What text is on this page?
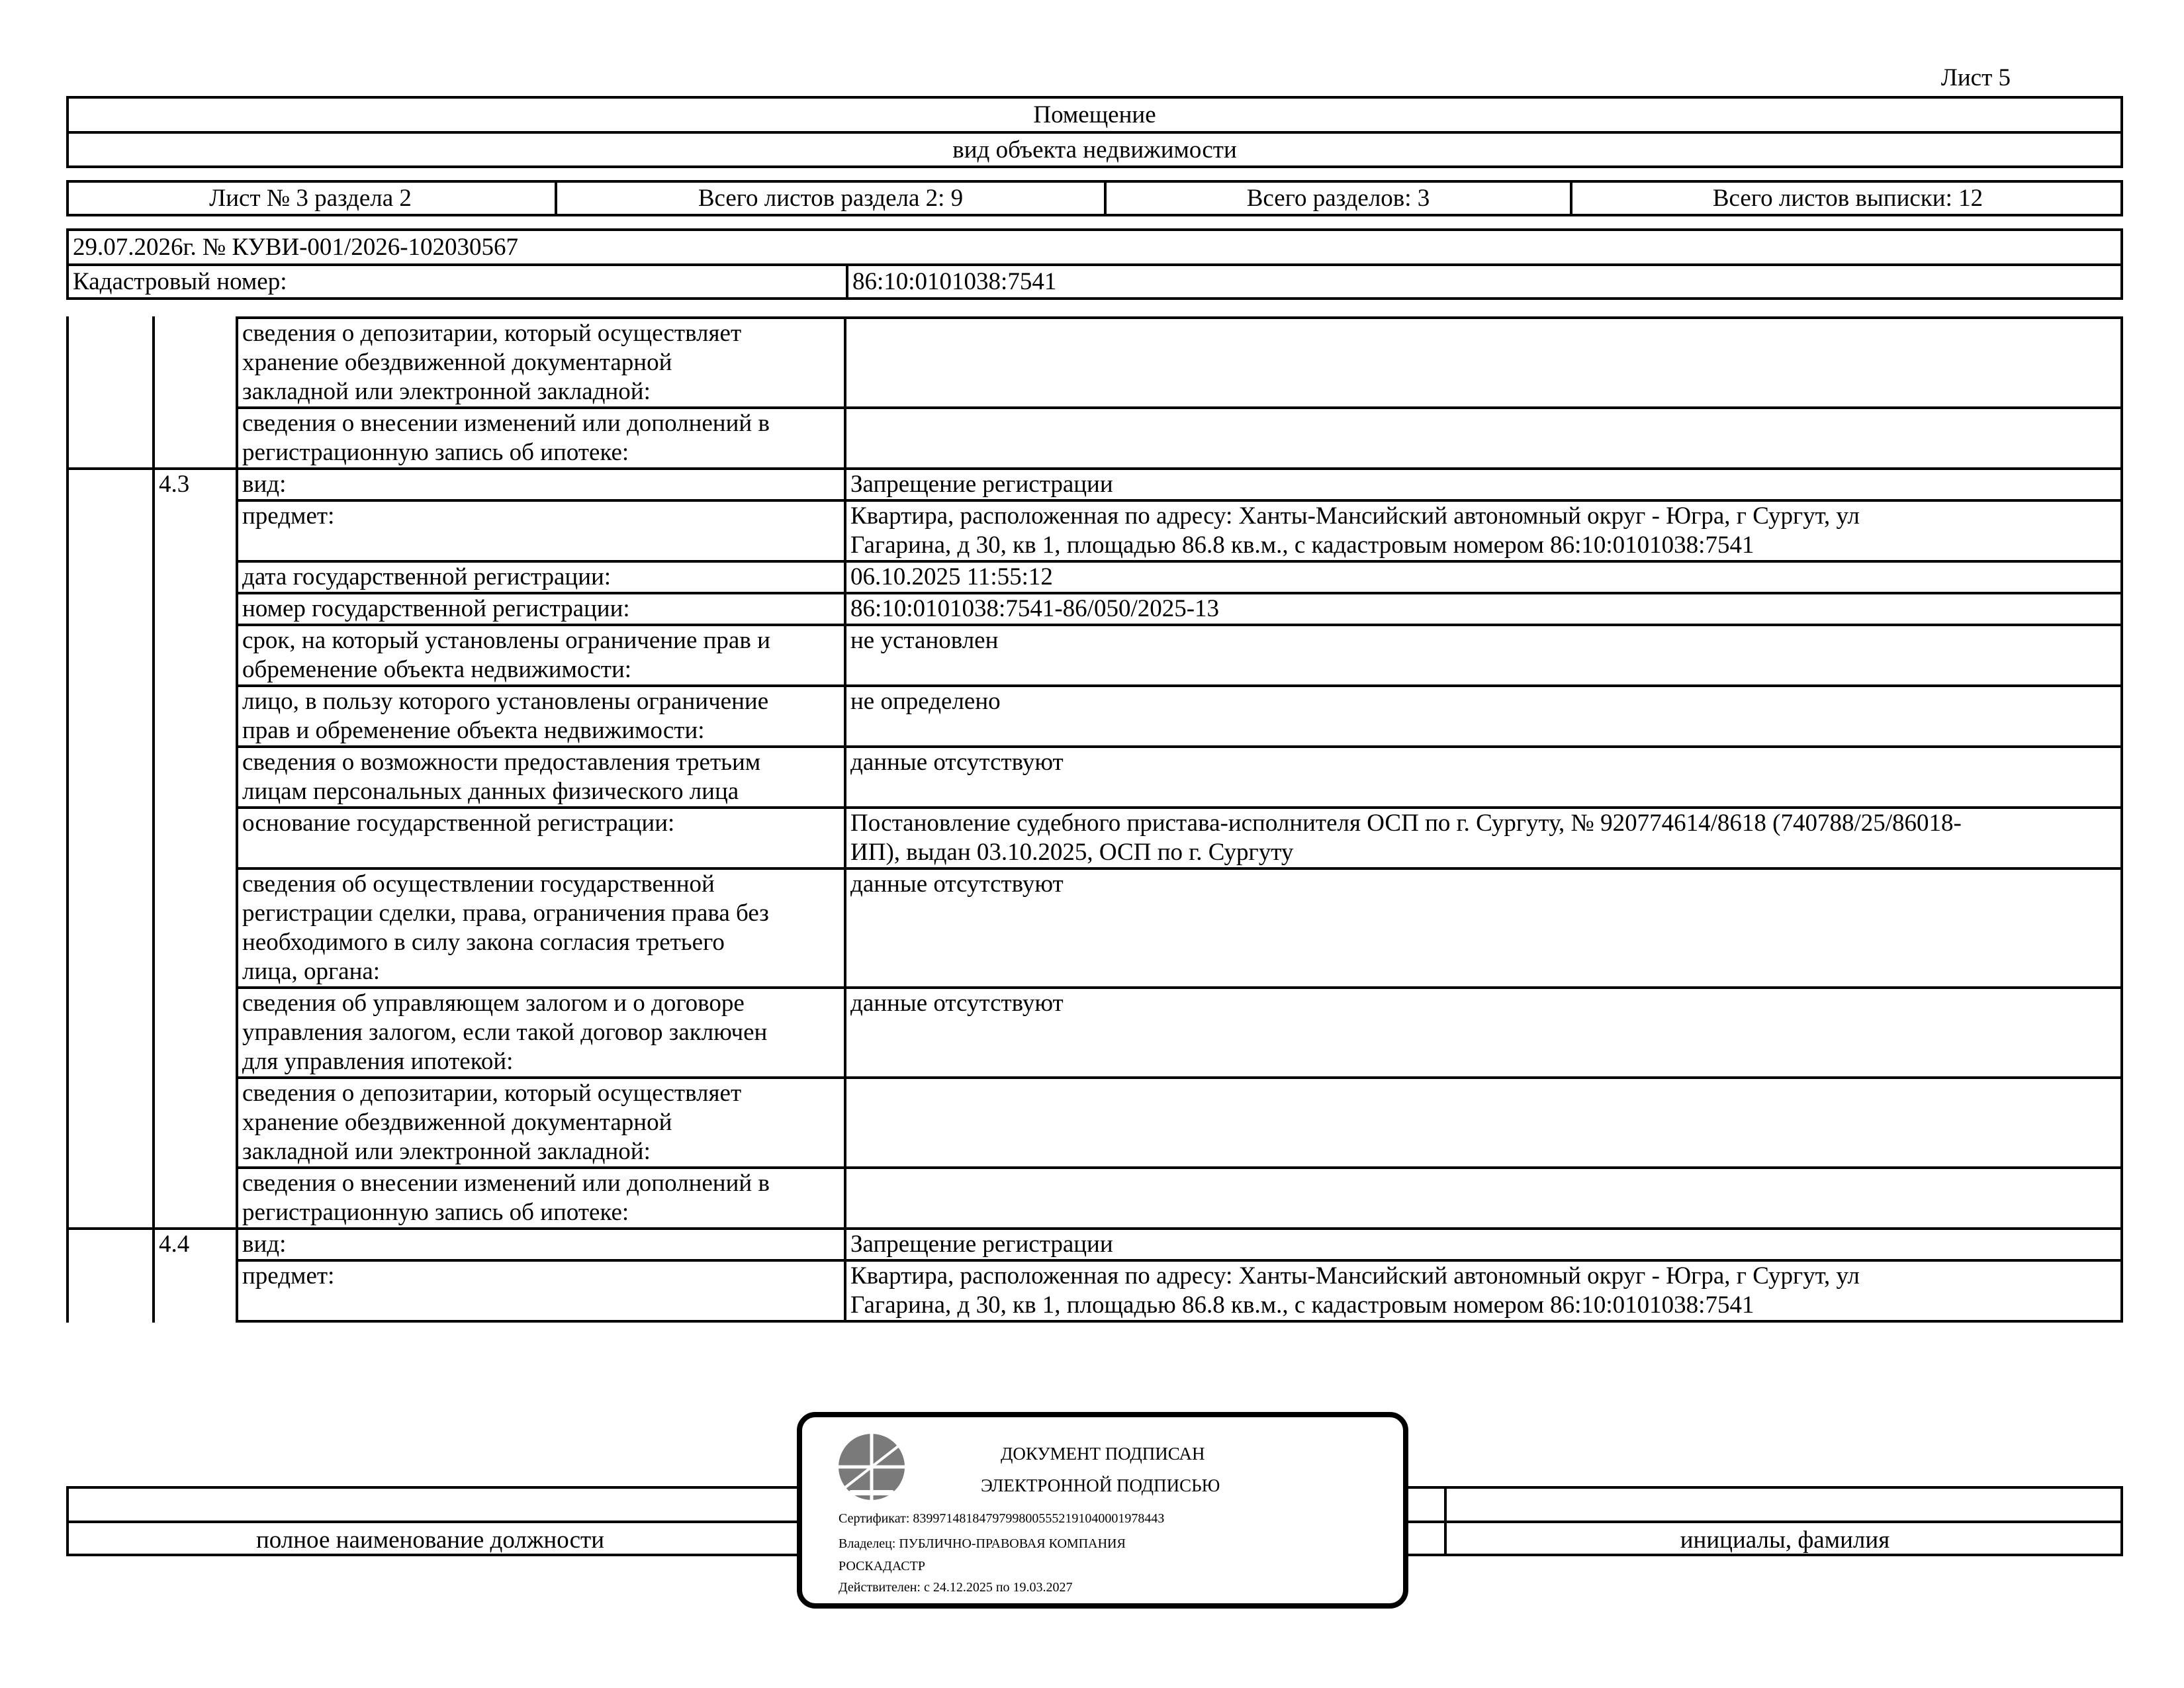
Лист 5
Помещение
вид объекта недвижимости
Лист № 3 раздела 2	Всего листов раздела 2: 9	Всего разделов: 3	Всего листов выписки: 12
29.07.2026г. № КУВИ-001/2026-102030567
Кадастровый номер:	86:10:0101038:7541
		сведения о депозитарии, который осуществляет
хранение обездвиженной документарной
закладной или электронной закладной:	
		сведения о внесении изменений или дополнений в
регистрационную запись об ипотеке:	
	4.3	вид:	Запрещение регистрации
		предмет:	Квартира, расположенная по адресу: Ханты-Мансийский автономный округ - Югра, г Сургут, ул
Гагарина, д 30, кв 1, площадью 86.8 кв.м., с кадастровым номером 86:10:0101038:7541
		дата государственной регистрации:	06.10.2025 11:55:12
		номер государственной регистрации:	86:10:0101038:7541-86/050/2025-13
		срок, на который установлены ограничение прав и
обременение объекта недвижимости:	не установлен
		лицо, в пользу которого установлены ограничение
прав и обременение объекта недвижимости:	не определено
		сведения о возможности предоставления третьим
лицам персональных данных физического лица	данные отсутствуют
		основание государственной регистрации:	Постановление судебного пристава-исполнителя ОСП по г. Сургуту, № 920774614/8618 (740788/25/86018-
ИП), выдан 03.10.2025, ОСП по г. Сургуту
		сведения об осуществлении государственной
регистрации сделки, права, ограничения права без
необходимого в силу закона согласия третьего
лица, органа:	данные отсутствуют
		сведения об управляющем залогом и о договоре
управления залогом, если такой договор заключен
для управления ипотекой:	данные отсутствуют
		сведения о депозитарии, который осуществляет
хранение обездвиженной документарной
закладной или электронной закладной:	
		сведения о внесении изменений или дополнений в
регистрационную запись об ипотеке:	
	4.4	вид:	Запрещение регистрации
		предмет:	Квартира, расположенная по адресу: Ханты-Мансийский автономный округ - Югра, г Сургут, ул
Гагарина, д 30, кв 1, площадью 86.8 кв.м., с кадастровым номером 86:10:0101038:7541
полное наименование должности	инициалы, фамилия
ДОКУМЕНТ ПОДПИСАН
ЭЛЕКТРОННОЙ ПОДПИСЬЮ
Сертификат: 8399714818479799800555219104000197844З
Владелец: ПУБЛИЧНО-ПРАВОВАЯ КОМПАНИЯ
РОСКАДАСТР
Действителен: с 24.12.2025 по 19.03.2027
